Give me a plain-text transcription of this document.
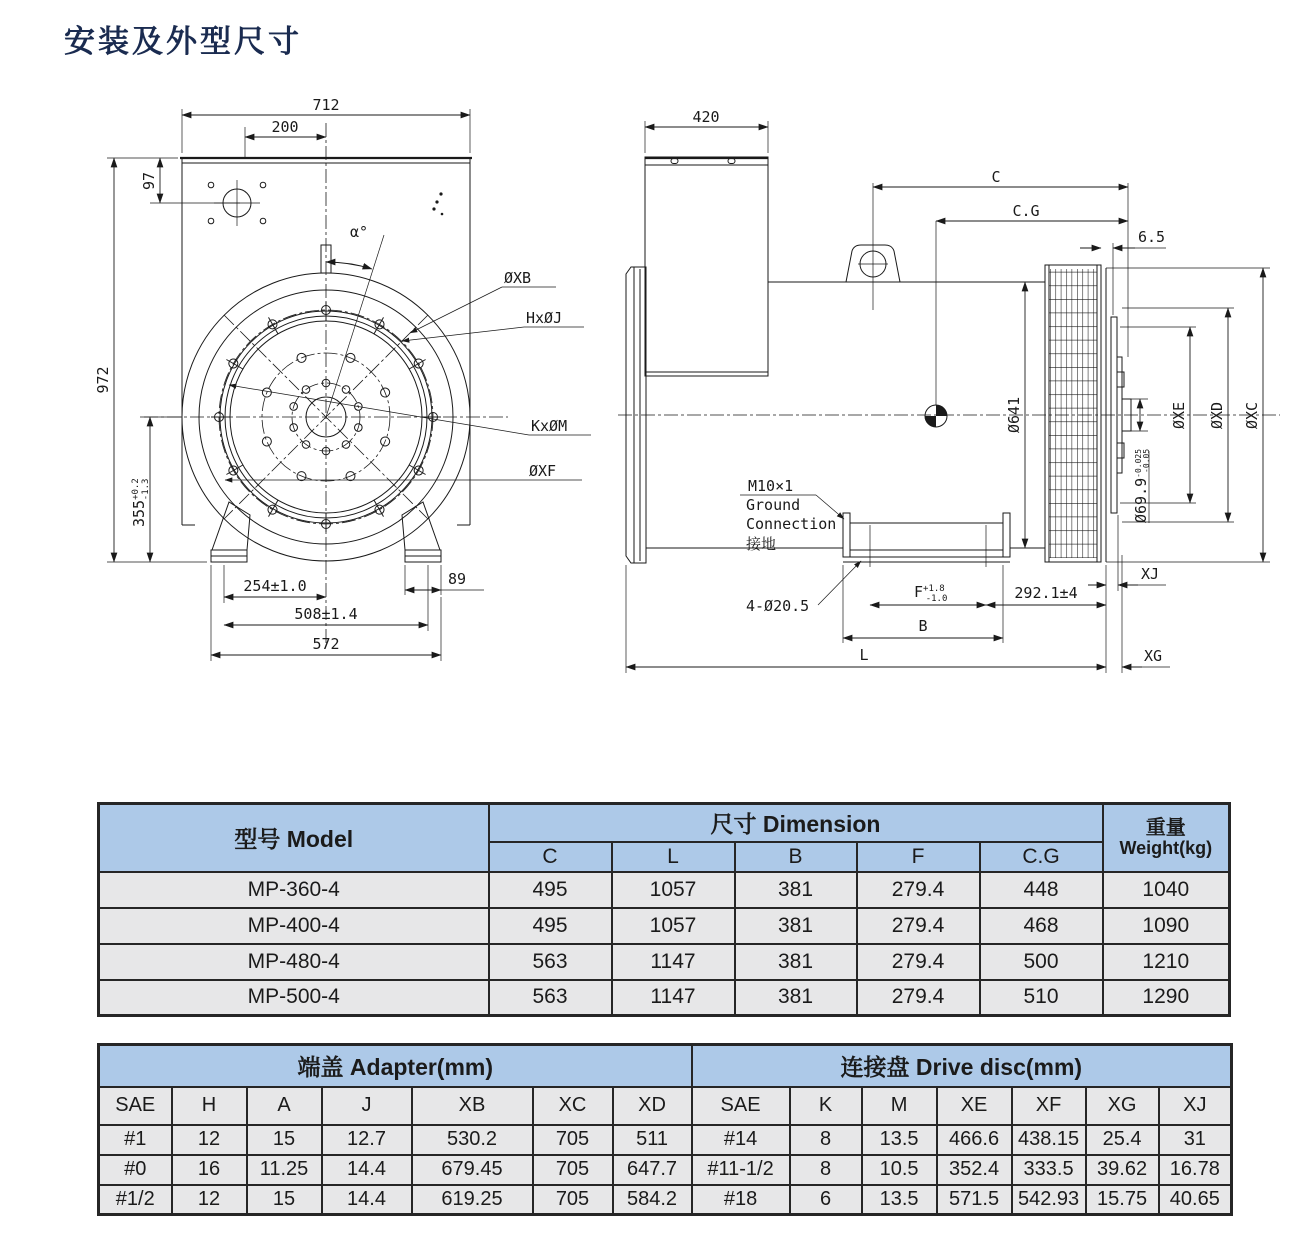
安装及外型尺寸
α°
712
200
97
972
$355^{+0.2}-1.3$
ØXB
HxØJ
KxØM
ØXF
89
254±1.0
508±1.4
572
420
C
C.G
6.5
Ø641
$Ø69.9^{-0.025}-0.05$
ØXE ØXD ØXC
M10×1
Ground
Connection
接地
4-Ø20.5
$F^{+1.8}$ -1.0	292.1±4
B
L	XG
XJ
型号 Model	尺寸 Dimension					重量
Weight(kg)

	C	L	B	F	C.G	
MP-360-4	495	1057	381	279.4	448	1040
MP-400-4	495	1057	381	279.4	468	1090
MP-480-4	563	1147	381	279.4	500	1210
MP-500-4	563	1147	381	279.4	510	1290
端盖 Adapter(mm)							连接盘 Drive disc(mm)						
SAE	H	A	J	XB	XC	XD	SAE	K	M	XE	XF	XG	XJ
#1	12	15	12.7	530.2	705	511	#14	8	13.5	466.6	438.15	25.4	31
#0	16	11.25	14.4	679.45	705	647.7	#11-1/2	8	10.5	352.4	333.5	39.62	16.78
#1/2	12	15	14.4	619.25	705	584.2	#18	6	13.5	571.5	542.93	15.75	40.65
